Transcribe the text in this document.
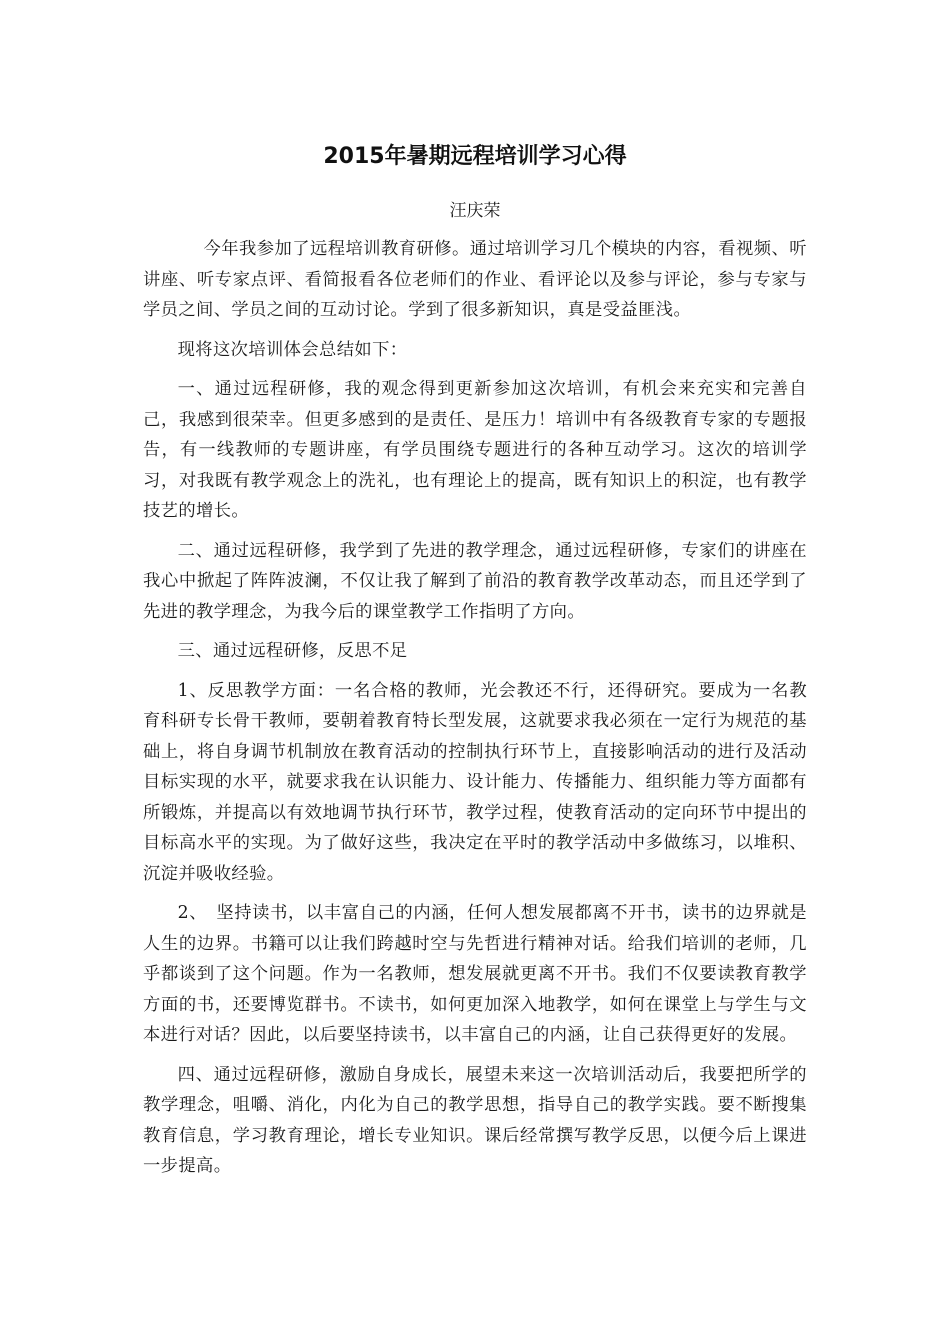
2015年暑期远程培训学习心得

汪庆荣

今年我参加了远程培训教育研修。通过培训学习几个模块的内容，看视频、听讲座、听专家点评、看简报看各位老师们的作业、看评论以及参与评论，参与专家与学员之间、学员之间的互动讨论。学到了很多新知识，真是受益匪浅。

现将这次培训体会总结如下：

一、通过远程研修，我的观念得到更新参加这次培训，有机会来充实和完善自己，我感到很荣幸。但更多感到的是责任、是压力！培训中有各级教育专家的专题报告，有一线教师的专题讲座，有学员围绕专题进行的各种互动学习。这次的培训学习，对我既有教学观念上的洗礼，也有理论上的提高，既有知识上的积淀，也有教学技艺的增长。

二、通过远程研修，我学到了先进的教学理念，通过远程研修，专家们的讲座在我心中掀起了阵阵波澜，不仅让我了解到了前沿的教育教学改革动态，而且还学到了先进的教学理念，为我今后的课堂教学工作指明了方向。

三、通过远程研修，反思不足

1、反思教学方面：一名合格的教师，光会教还不行，还得研究。要成为一名教育科研专长骨干教师，要朝着教育特长型发展，这就要求我必须在一定行为规范的基础上，将自身调节机制放在教育活动的控制执行环节上，直接影响活动的进行及活动目标实现的水平，就要求我在认识能力、设计能力、传播能力、组织能力等方面都有所锻炼，并提高以有效地调节执行环节，教学过程，使教育活动的定向环节中提出的目标高水平的实现。为了做好这些，我决定在平时的教学活动中多做练习，以堆积、沉淀并吸收经验。

2、　坚持读书，以丰富自己的内涵，任何人想发展都离不开书，读书的边界就是人生的边界。书籍可以让我们跨越时空与先哲进行精神对话。给我们培训的老师，几乎都谈到了这个问题。作为一名教师，想发展就更离不开书。我们不仅要读教育教学方面的书，还要博览群书。不读书，如何更加深入地教学，如何在课堂上与学生与文本进行对话？因此，以后要坚持读书，以丰富自己的内涵，让自己获得更好的发展。

四、通过远程研修，激励自身成长，展望未来这一次培训活动后，我要把所学的教学理念，咀嚼、消化，内化为自己的教学思想，指导自己的教学实践。要不断搜集教育信息，学习教育理论，增长专业知识。课后经常撰写教学反思，以便今后上课进一步提高。
